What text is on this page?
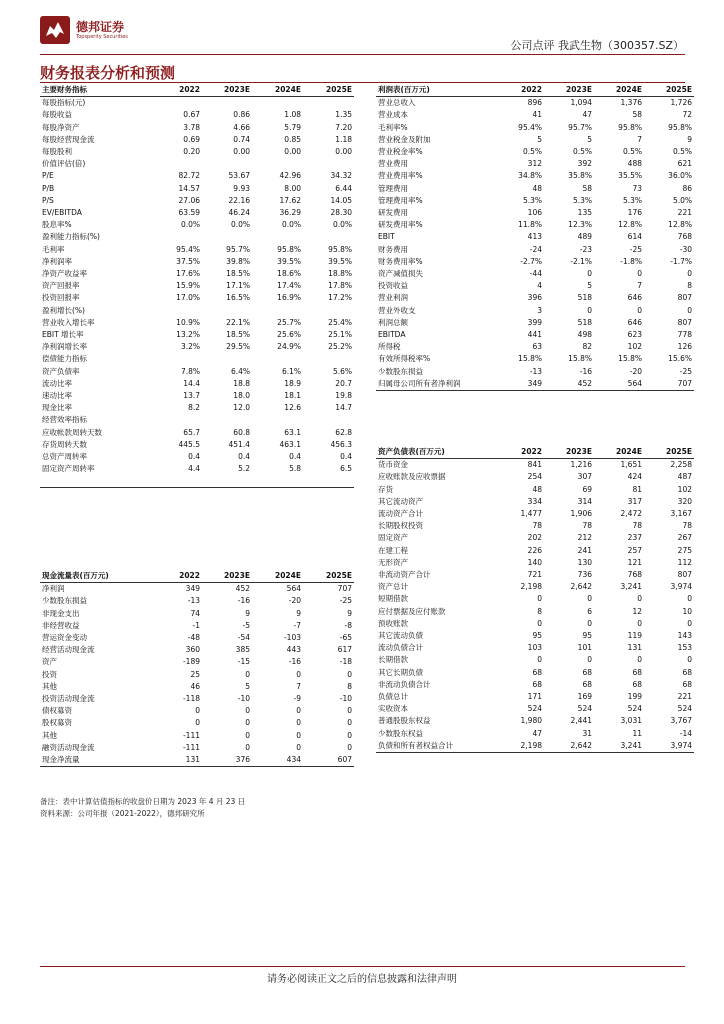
德邦证券
Topsperity Securities
公司点评 我武生物（300357.SZ）
财务报表分析和预测
主要财务指标	2022	2023E	2024E	2025E
每股指标(元)				
每股收益	0.67	0.86	1.08	1.35
每股净资产	3.78	4.66	5.79	7.20
每股经营现金流	0.69	0.74	0.85	1.18
每股股利	0.20	0.00	0.00	0.00
价值评估(倍)				
P/E	82.72	53.67	42.96	34.32
P/B	14.57	9.93	8.00	6.44
P/S	27.06	22.16	17.62	14.05
EV/EBITDA	63.59	46.24	36.29	28.30
股息率%	0.0%	0.0%	0.0%	0.0%
盈利能力指标(%)				
毛利率	95.4%	95.7%	95.8%	95.8%
净利润率	37.5%	39.8%	39.5%	39.5%
净资产收益率	17.6%	18.5%	18.6%	18.8%
资产回报率	15.9%	17.1%	17.4%	17.8%
投资回报率	17.0%	16.5%	16.9%	17.2%
盈利增长(%)				
营业收入增长率	10.9%	22.1%	25.7%	25.4%
EBIT 增长率	13.2%	18.5%	25.6%	25.1%
净利润增长率	3.2%	29.5%	24.9%	25.2%
偿债能力指标				
资产负债率	7.8%	6.4%	6.1%	5.6%
流动比率	14.4	18.8	18.9	20.7
速动比率	13.7	18.0	18.1	19.8
现金比率	8.2	12.0	12.6	14.7
经营效率指标				
应收帐款周转天数	65.7	60.8	63.1	62.8
存货周转天数	445.5	451.4	463.1	456.3
总资产周转率	0.4	0.4	0.4	0.4
固定资产周转率	4.4	5.2	5.8	6.5

利润表(百万元)	2022	2023E	2024E	2025E
营业总收入	896	1,094	1,376	1,726
营业成本	41	47	58	72
毛利率%	95.4%	95.7%	95.8%	95.8%
营业税金及附加	5	5	7	9
营业税金率%	0.5%	0.5%	0.5%	0.5%
营业费用	312	392	488	621
营业费用率%	34.8%	35.8%	35.5%	36.0%
管理费用	48	58	73	86
管理费用率%	5.3%	5.3%	5.3%	5.0%
研发费用	106	135	176	221
研发费用率%	11.8%	12.3%	12.8%	12.8%
EBIT	413	489	614	768
财务费用	-24	-23	-25	-30
财务费用率%	-2.7%	-2.1%	-1.8%	-1.7%
资产减值损失	-44	0	0	0
投资收益	4	5	7	8
营业利润	396	518	646	807
营业外收支	3	0	0	0
利润总额	399	518	646	807
EBITDA	441	498	623	778
所得税	63	82	102	126
有效所得税率%	15.8%	15.8%	15.8%	15.6%
少数股东损益	-13	-16	-20	-25
归属母公司所有者净利润	349	452	564	707
资产负债表(百万元)	2022	2023E	2024E	2025E
货币资金	841	1,216	1,651	2,258
应收账款及应收票据	254	307	424	487
存货	48	69	81	102
其它流动资产	334	314	317	320
流动资产合计	1,477	1,906	2,472	3,167
长期股权投资	78	78	78	78
固定资产	202	212	237	267
在建工程	226	241	257	275
无形资产	140	130	121	112
非流动资产合计	721	736	768	807
资产总计	2,198	2,642	3,241	3,974
短期借款	0	0	0	0
应付票据及应付账款	8	6	12	10
预收账款	0	0	0	0
其它流动负债	95	95	119	143
流动负债合计	103	101	131	153
长期借款	0	0	0	0
其它长期负债	68	68	68	68
非流动负债合计	68	68	68	68
负债总计	171	169	199	221
实收资本	524	524	524	524
普通股股东权益	1,980	2,441	3,031	3,767
少数股东权益	47	31	11	-14
负债和所有者权益合计	2,198	2,642	3,241	3,974
现金流量表(百万元)	2022	2023E	2024E	2025E
净利润	349	452	564	707
少数股东损益	-13	-16	-20	-25
非现金支出	74	9	9	9
非经营收益	-1	-5	-7	-8
营运资金变动	-48	-54	-103	-65
经营活动现金流	360	385	443	617
资产	-189	-15	-16	-18
投资	25	0	0	0
其他	46	5	7	8
投资活动现金流	-118	-10	-9	-10
债权募资	0	0	0	0
股权募资	0	0	0	0
其他	-111	0	0	0
融资活动现金流	-111	0	0	0
现金净流量	131	376	434	607
备注：表中计算估值指标的收盘价日期为 2023 年 4 月 23 日
资料来源：公司年报（2021-2022），德邦研究所
请务必阅读正文之后的信息披露和法律声明
